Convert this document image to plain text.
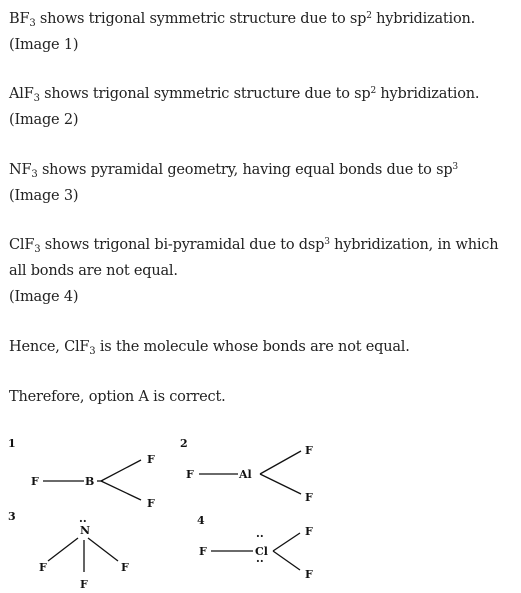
$BF_3$ shows trigonal symmetric structure due to $sp^2$ hybridization.
(Image 1)
AlF$_3$ shows trigonal symmetric structure due to $sp^2$ hybridization.
(Image 2)
$NF_3$ shows pyramidal geometry, having equal bonds due to $sp^3$
(Image 3)
ClF$_3$ shows trigonal bi-pyramidal due to dsp$^3$ hybridization, in which all bonds are not equal.
(Image 4)
Hence, ClF$_3$ is the molecule whose bonds are not equal.
Therefore, option A is correct.
1
F	B
F
F
2
F	Al
F
F
3	··
N
F	F
F
4
··
F	Cl
··
F
F
